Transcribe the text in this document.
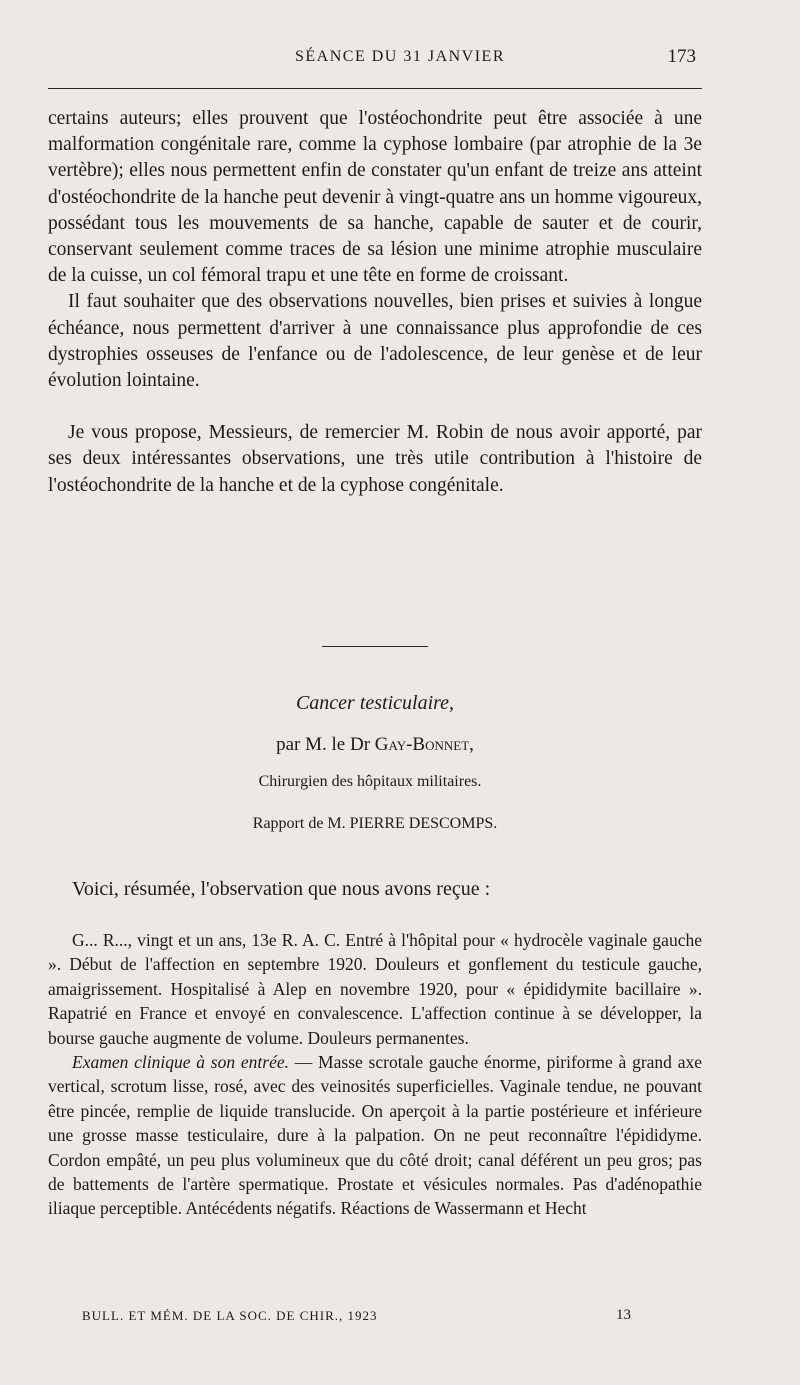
SÉANCE DU 31 JANVIER	173

certains auteurs; elles prouvent que l'ostéochondrite peut être associée à une malformation congénitale rare, comme la cyphose lombaire (par atrophie de la 3e vertèbre); elles nous permettent enfin de constater qu'un enfant de treize ans atteint d'ostéochondrite de la hanche peut devenir à vingt-quatre ans un homme vigoureux, possédant tous les mouvements de sa hanche, capable de sauter et de courir, conservant seulement comme traces de sa lésion une minime atrophie musculaire de la cuisse, un col fémoral trapu et une tête en forme de croissant.

Il faut souhaiter que des observations nouvelles, bien prises et suivies à longue échéance, nous permettent d'arriver à une connaissance plus approfondie de ces dystrophies osseuses de l'enfance ou de l'adolescence, de leur genèse et de leur évolution lointaine.

Je vous propose, Messieurs, de remercier M. Robin de nous avoir apporté, par ses deux intéressantes observations, une très utile contribution à l'histoire de l'ostéochondrite de la hanche et de la cyphose congénitale.

Cancer testiculaire,
par M. le Dr Gay-Bonnet,
Chirurgien des hôpitaux militaires.
Rapport de M. PIERRE DESCOMPS.

Voici, résumée, l'observation que nous avons reçue :

G... R..., vingt et un ans, 13e R. A. C. Entré à l'hôpital pour « hydrocèle vaginale gauche ». Début de l'affection en septembre 1920. Douleurs et gonflement du testicule gauche, amaigrissement. Hospitalisé à Alep en novembre 1920, pour « épididymite bacillaire ». Rapatrié en France et envoyé en convalescence. L'affection continue à se développer, la bourse gauche augmente de volume. Douleurs permanentes.

Examen clinique à son entrée. — Masse scrotale gauche énorme, piriforme à grand axe vertical, scrotum lisse, rosé, avec des veinosités superficielles. Vaginale tendue, ne pouvant être pincée, remplie de liquide translucide. On aperçoit à la partie postérieure et inférieure une grosse masse testiculaire, dure à la palpation. On ne peut reconnaître l'épididyme. Cordon empâté, un peu plus volumineux que du côté droit; canal déférent un peu gros; pas de battements de l'artère spermatique. Prostate et vésicules normales. Pas d'adénopathie iliaque perceptible. Antécédents négatifs. Réactions de Wassermann et Hecht

BULL. ET MÉM. DE LA SOC. DE CHIR., 1923	13
